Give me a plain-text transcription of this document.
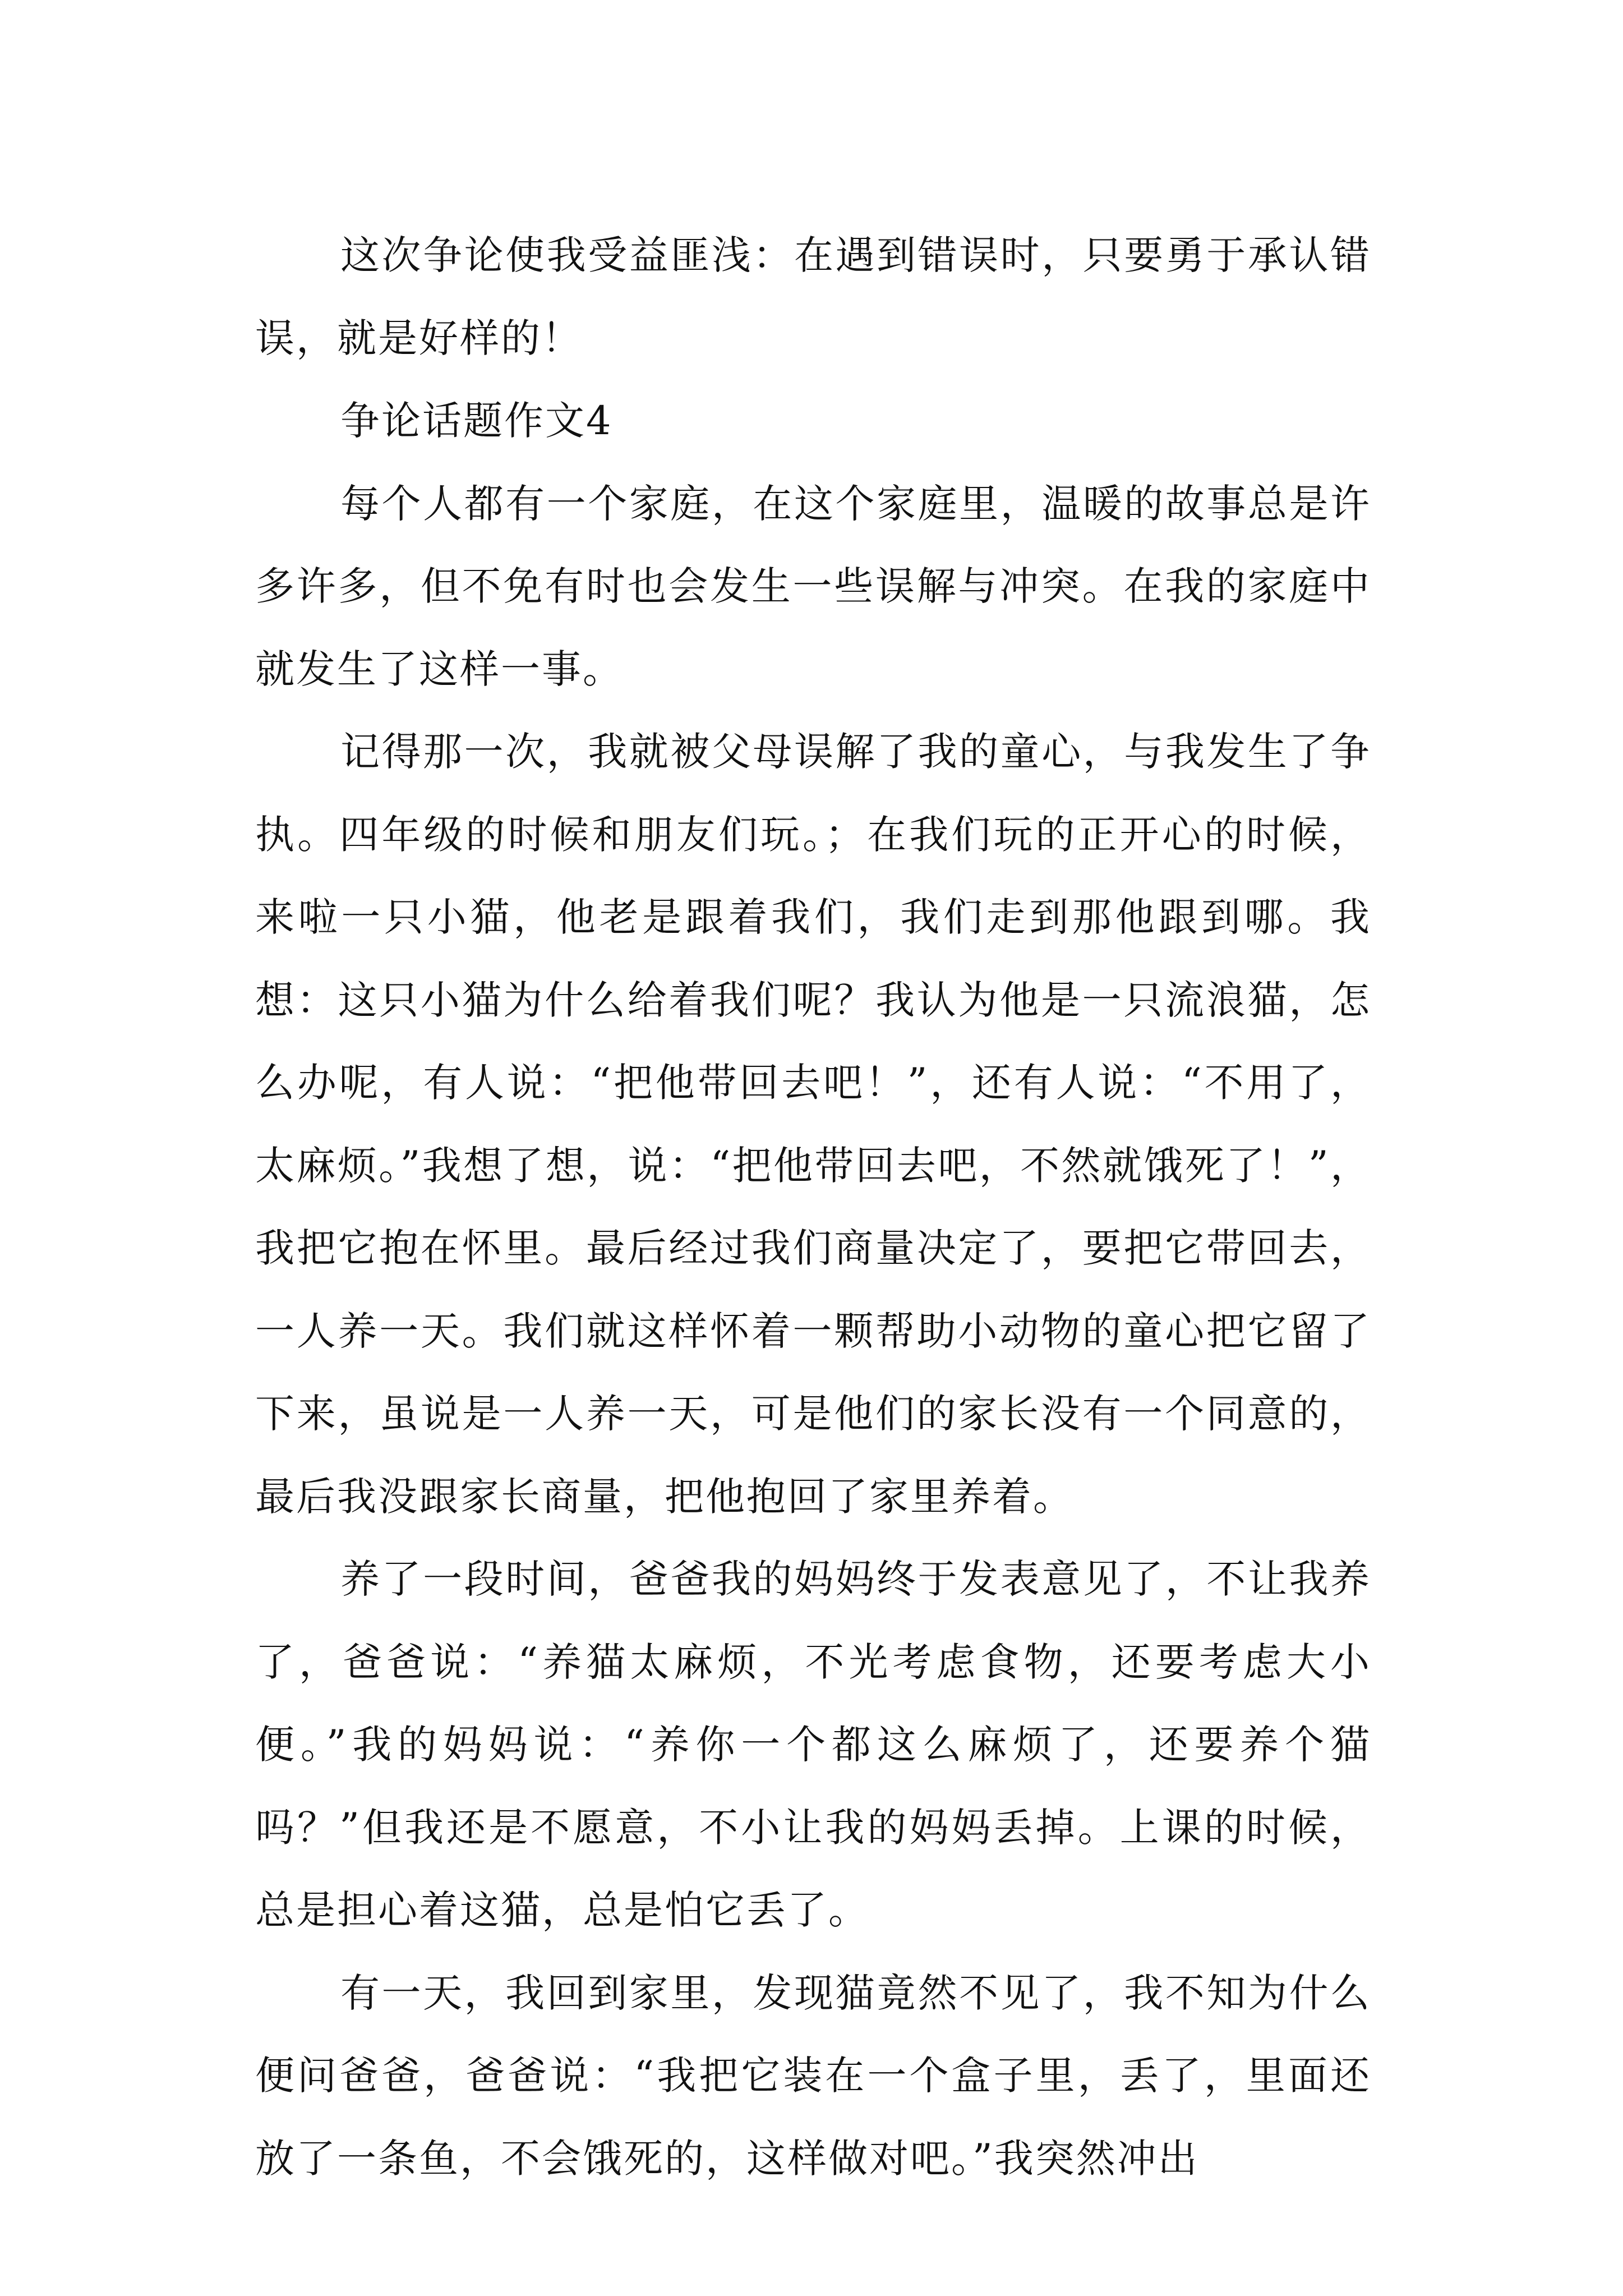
这次争论使我受益匪浅：在遇到错误时，只要勇于承认错误，就是好样的！

争论话题作文4

每个人都有一个家庭，在这个家庭里，温暖的故事总是许多许多，但不免有时也会发生一些误解与冲突。在我的家庭中就发生了这样一事。

记得那一次，我就被父母误解了我的童心，与我发生了争执。四年级的时候和朋友们玩。；在我们玩的正开心的时候，来啦一只小猫，他老是跟着我们，我们走到那他跟到哪。我想：这只小猫为什么给着我们呢？我认为他是一只流浪猫，怎么办呢，有人说：“把他带回去吧！”，还有人说：“不用了，太麻烦。”我想了想，说：“把他带回去吧，不然就饿死了！”，我把它抱在怀里。最后经过我们商量决定了，要把它带回去，一人养一天。我们就这样怀着一颗帮助小动物的童心把它留了下来，虽说是一人养一天，可是他们的家长没有一个同意的，最后我没跟家长商量，把他抱回了家里养着。

养了一段时间，爸爸我的妈妈终于发表意见了，不让我养了，爸爸说：“养猫太麻烦，不光考虑食物，还要考虑大小便。”我的妈妈说：“养你一个都这么麻烦了，还要养个猫吗？”但我还是不愿意，不小让我的妈妈丢掉。上课的时候，总是担心着这猫，总是怕它丢了。

有一天，我回到家里，发现猫竟然不见了，我不知为什么便问爸爸，爸爸说：“我把它装在一个盒子里，丢了，里面还放了一条鱼，不会饿死的，这样做对吧。”我突然冲出
